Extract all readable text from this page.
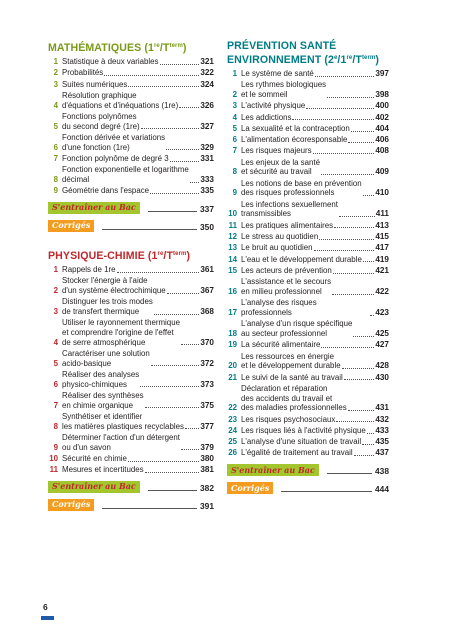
MATHÉMATIQUES $(1re/T^{term})$
1 Statistique à deux variables	321
2 Probabilités	322
3 Suites numériques	324
4
Résolution graphique
d'équations et d'inéquations (1re)	326
5
Fonctions polynômes
du second degré (1re)	327
6
Fonction dérivée et variations
d'une fonction (1re)	329
7 Fonction polynôme de degré 3	331
8
Fonction exponentielle et logarithme
décimal	333
9 Géométrie dans l'espace	335
S'entraîner au Bac	337
Corrigés	350
PHYSIQUE-CHIMIE $(1re/T^{term})$
1 Rappels de 1re	361
2
Stocker l'énergie à l'aide
d'un système électrochimique	367
3
Distinguer les trois modes
de transfert thermique	368
4
Utiliser le rayonnement thermique
et comprendre l'origine de l'effet
de serre atmosphérique	370
5
Caractériser une solution
acido-basique	372
6
Réaliser des analyses
physico-chimiques	373
7
Réaliser des synthèses
en chimie organique	375
8
Synthétiser et identifier
les matières plastiques recyclables 377
9
Déterminer l'action d'un détergent
ou d'un savon	379
10 Sécurité en chimie	380
11 Mesures et incertitudes	381
S'entraîner au Bac	382
Corrigés	391
PRÉVENTION SANTÉ
ENVIRONNEMENT $(2e/1re/T^{term})$
1 Le système de santé	397
2
Les rythmes biologiques
et le sommeil	398
3 L'activité physique	400
4 Les addictions	402
5 La sexualité et la contraception	404
6 L'alimentation écoresponsable	406
7 Les risques majeurs	408
8
Les enjeux de la santé
et sécurité au travail	409
9
Les notions de base en prévention
des risques professionnels	410
10
Les infections sexuellement
transmissibles	411
11 Les pratiques alimentaires	413
12 Le stress au quotidien	415
13 Le bruit au quotidien	417
14 L'eau et le développement durable 419
15 Les acteurs de prévention	421
16
L'assistance et le secours
en milieu professionnel	422
17
L'analyse des risques professionnels	423
18
L'analyse d'un risque spécifique
au secteur professionnel	425
19 La sécurité alimentaire	427
20
Les ressources en énergie
et le développement durable	428
21 Le suivi de la santé au travail	430
22
Déclaration et réparation
des accidents du travail et
des maladies professionnelles	431
23 Les risques psychosociaux	432
24 Les risques liés à l'activité physique 433
25 L'analyse d'une situation de travail 435
26 L'égalité de traitement au travail	437
S'entraîner au Bac	438
Corrigés	444
6
